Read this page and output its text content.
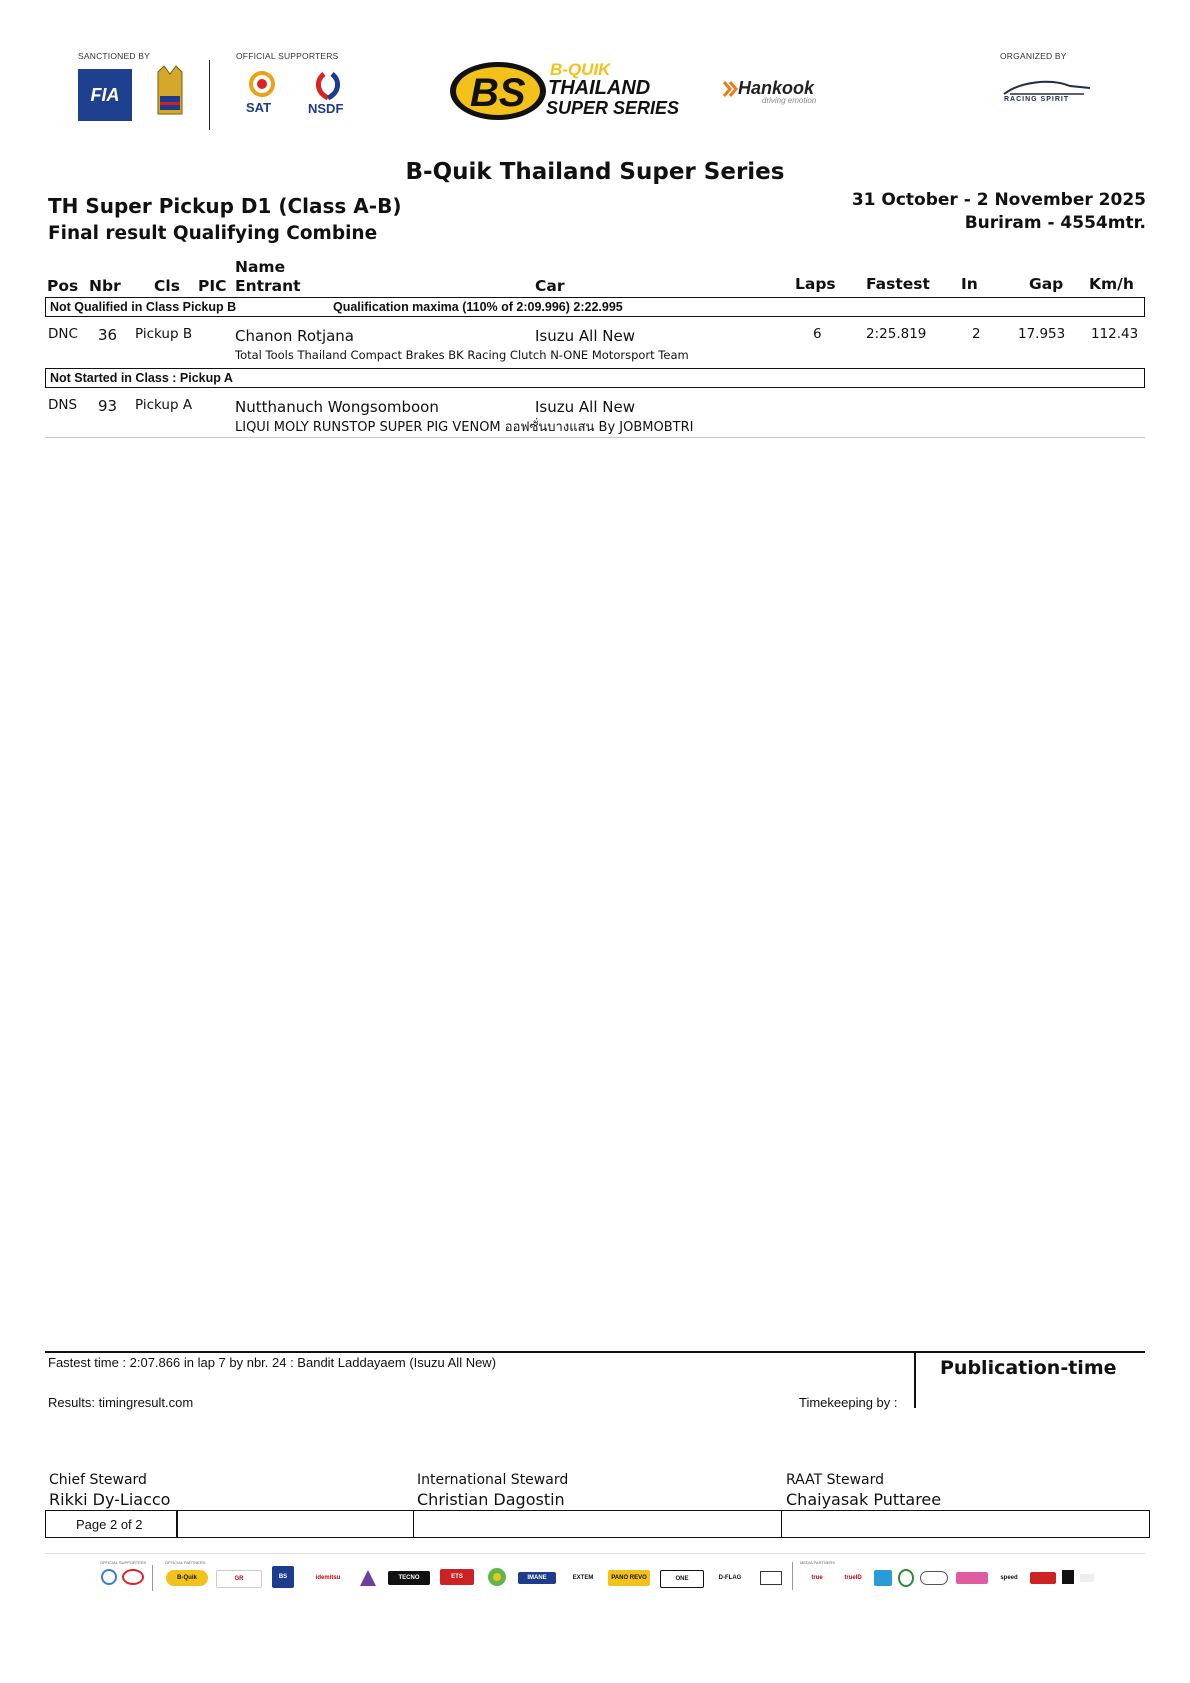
SANCTIONED BY
FIA
OFFICIAL SUPPORTERS
SAT	NSDF	BS
B-QUIK
THAILAND
SUPER SERIES
Hankook
driving emotion
ORGANIZED BY
RACING SPIRIT
B-Quik Thailand Super Series
TH Super Pickup D1 (Class A-B)
Final result Qualifying Combine
31 October - 2 November 2025
Buriram - 4554mtr.
Pos Nbr Cls PIC
Name
Entrant	Car	Laps Fastest In	Gap Km/h
Not Qualified in Class Pickup B	Qualification maxima (110% of 2:09.996) 2:22.995
DNC 36 Pickup B	Chanon Rotjana	Isuzu All New	6	2:25.819	2	17.953 112.43
Total Tools Thailand Compact Brakes BK Racing Clutch N-ONE Motorsport Team
Not Started in Class : Pickup A
DNS 93 Pickup A	Nutthanuch Wongsomboon	Isuzu All New
LIQUI MOLY RUNSTOP SUPER PIG VENOM ออฟซั่นบางแสน By JOBMOBTRI
Fastest time : 2:07.866 in lap 7 by nbr. 24 : Bandit Laddayaem (Isuzu All New)
Results: timingresult.com	Timekeeping by :
Publication-time
Chief Steward
Rikki Dy-Liacco
International Steward
Christian Dagostin
RAAT Steward
Chaiyasak Puttaree
Page 2 of 2
OFFICIAL SUPPORTERS	OFFICIAL PARTNERS	MEDIA PARTNERS
B-Quik	GR	BS	idemitsu	TECNO	ETS	IMANE	EXTEM	PANO REVO	ONE	D-FLAG	true	trueID	speed
